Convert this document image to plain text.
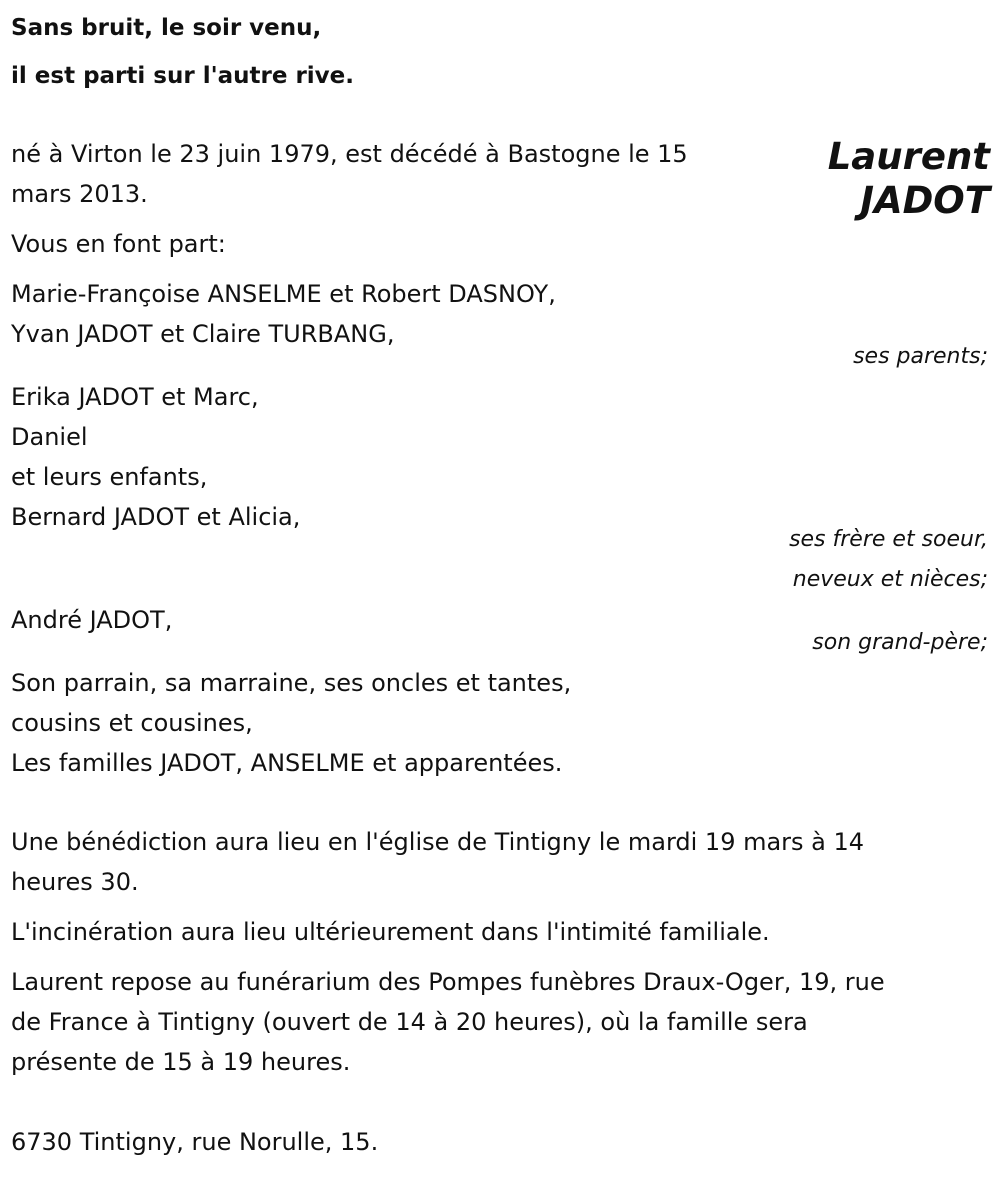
Sans bruit, le soir venu,
il est parti sur l'autre rive.
Laurent
JADOT
né à Virton le 23 juin 1979, est décédé à Bastogne le 15
mars 2013.
Vous en font part:
Marie-Françoise ANSELME et Robert DASNOY,
Yvan JADOT et Claire TURBANG,
ses parents;
Erika JADOT et Marc,
Daniel
et leurs enfants,
Bernard JADOT et Alicia,
ses frère et soeur,
neveux et nièces;
André JADOT,
son grand-père;
Son parrain, sa marraine, ses oncles et tantes,
cousins et cousines,
Les familles JADOT, ANSELME et apparentées.
Une bénédiction aura lieu en l'église de Tintigny le mardi 19 mars à 14
heures 30.
L'incinération aura lieu ultérieurement dans l'intimité familiale.
Laurent repose au funérarium des Pompes funèbres Draux-Oger, 19, rue
de France à Tintigny (ouvert de 14 à 20 heures), où la famille sera
présente de 15 à 19 heures.
6730 Tintigny, rue Norulle, 15.
